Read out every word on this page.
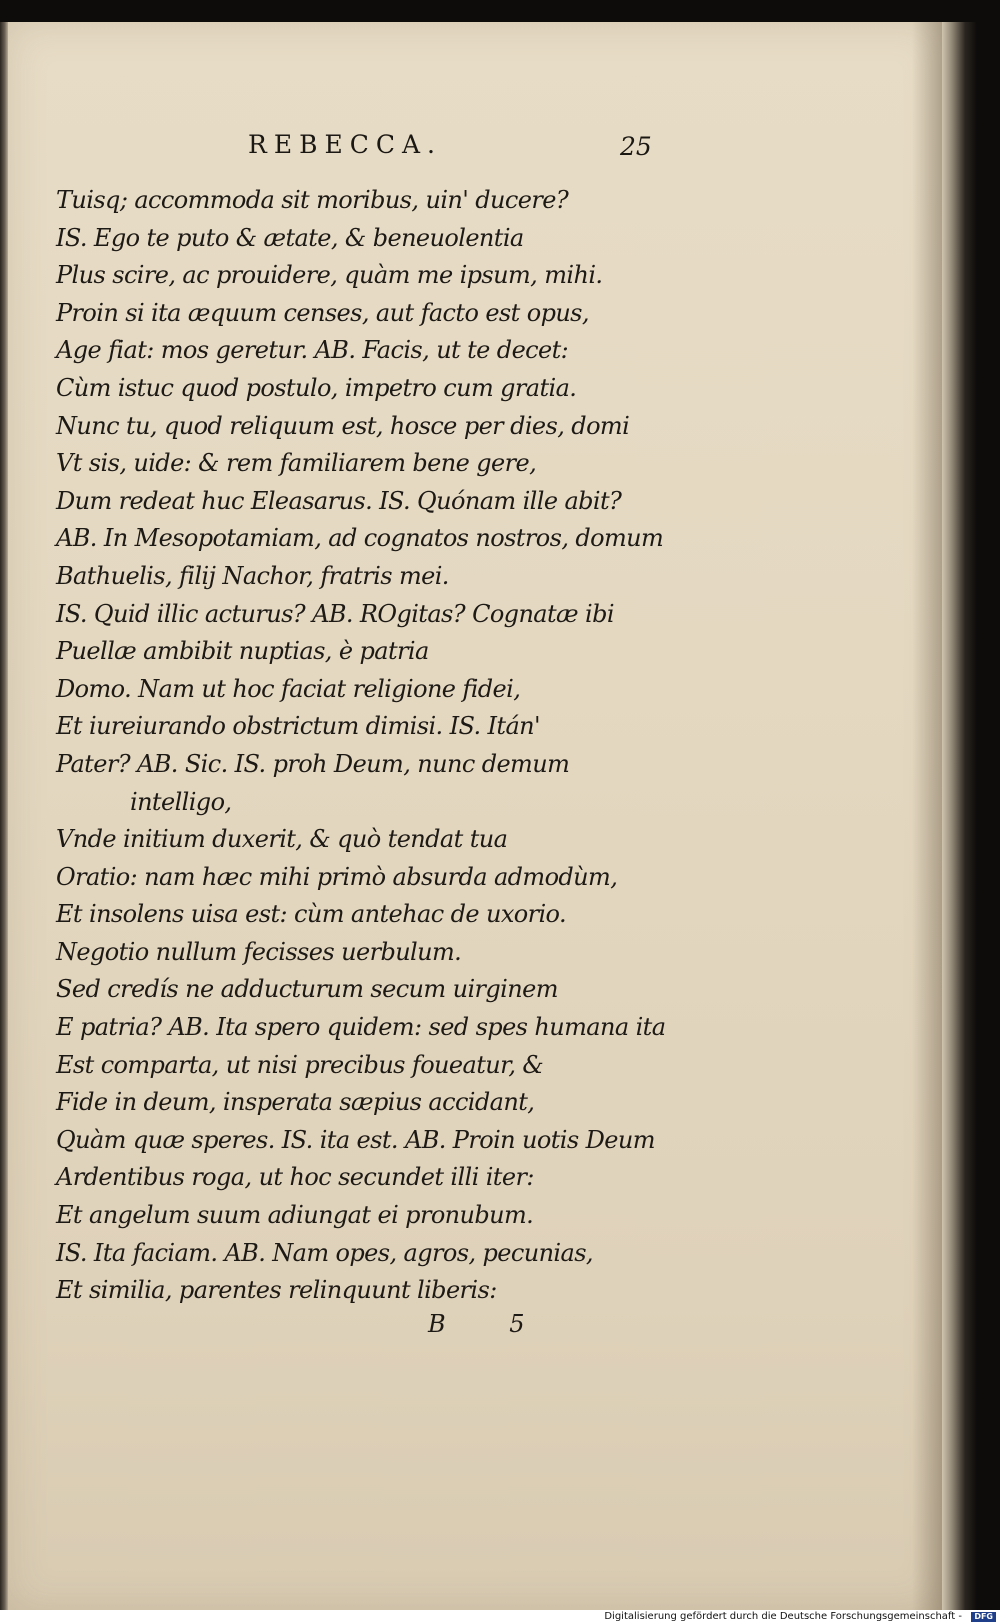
REBECCA.	25
Tuisq; accommoda sit moribus, uin' ducere?
IS. Ego te puto & ætate, & beneuolentia
Plus scire, ac prouidere, quàm me ipsum, mihi.
Proin si ita æquum censes, aut facto est opus,
Age fiat: mos geretur. AB. Facis, ut te decet:
Cùm istuc quod postulo, impetro cum gratia.
Nunc tu, quod reliquum est, hosce per dies, domi
Vt sis, uide: & rem familiarem bene gere,
Dum redeat huc Eleasarus. IS. Quónam ille abit?
AB. In Mesopotamiam, ad cognatos nostros, domum
Bathuelis, filij Nachor, fratris mei.
IS. Quid illic acturus? AB. ROgitas? Cognatæ ibi
Puellæ ambibit nuptias, è patria
Domo. Nam ut hoc faciat religione fidei,
Et iureiurando obstrictum dimisi. IS. Itán'
Pater? AB. Sic. IS. proh Deum, nunc demum
intelligo,
Vnde initium duxerit, & quò tendat tua
Oratio: nam hæc mihi primò absurda admodùm,
Et insolens uisa est: cùm antehac de uxorio.
Negotio nullum fecisses uerbulum.
Sed credís ne adducturum secum uirginem
E patria? AB. Ita spero quidem: sed spes humana ita
Est comparta, ut nisi precibus foueatur, &
Fide in deum, insperata sæpius accidant,
Quàm quæ speres. IS. ita est. AB. Proin uotis Deum
Ardentibus roga, ut hoc secundet illi iter:
Et angelum suum adiungat ei pronubum.
IS. Ita faciam. AB. Nam opes, agros, pecunias,
Et similia, parentes relinquunt liberis:
B 5
Digitalisierung gefördert durch die Deutsche Forschungsgemeinschaft -	DFG
